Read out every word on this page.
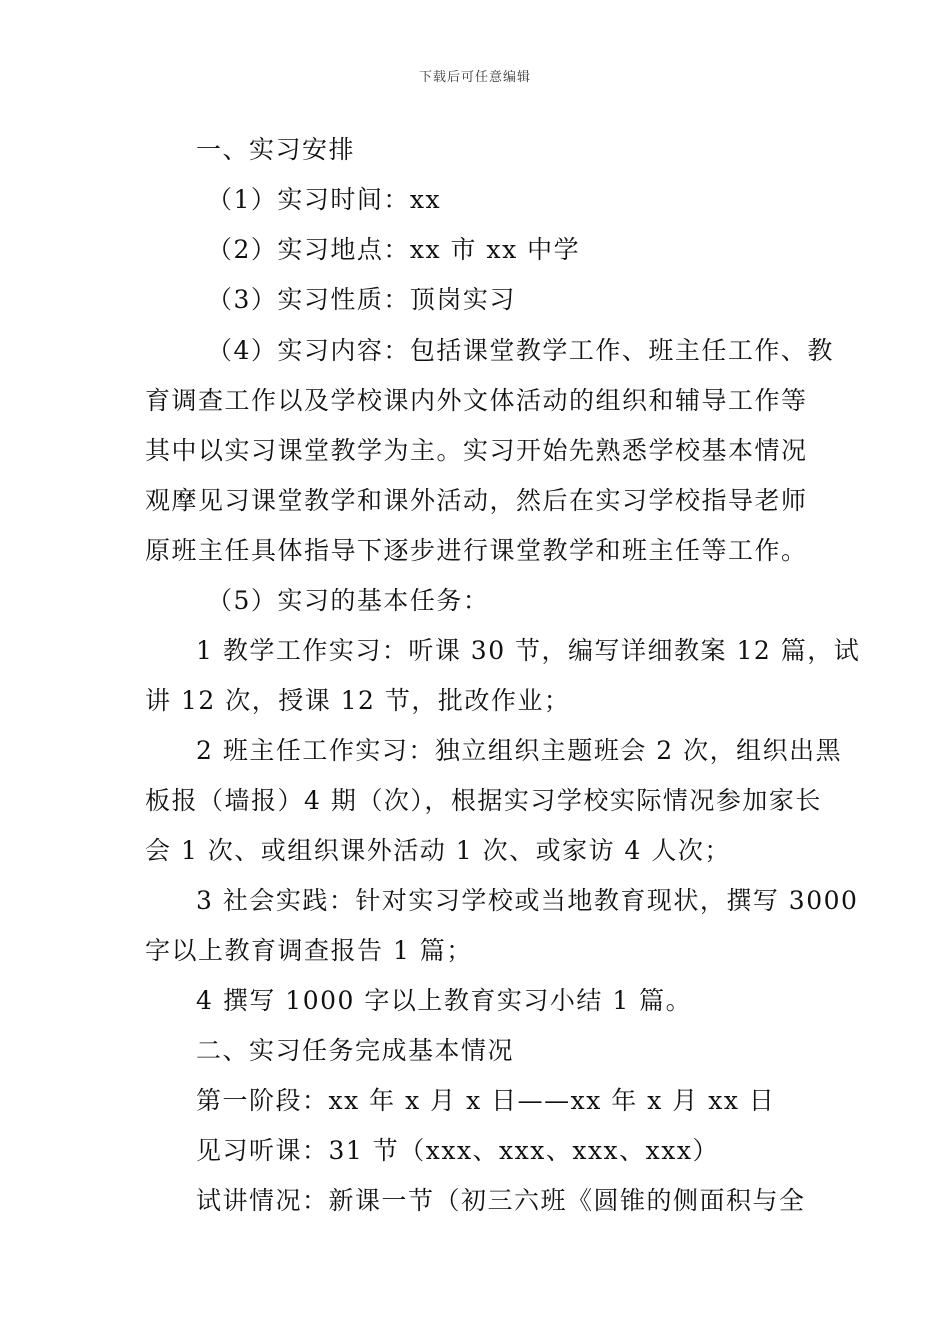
下载后可任意编辑
一、实习安排
（1）实习时间：xx
（2）实习地点：xx 市 xx 中学
（3）实习性质：顶岗实习
（4）实习内容：包括课堂教学工作、班主任工作、教
育调查工作以及学校课内外文体活动的组织和辅导工作等
其中以实习课堂教学为主。实习开始先熟悉学校基本情况
观摩见习课堂教学和课外活动，然后在实习学校指导老师
原班主任具体指导下逐步进行课堂教学和班主任等工作。
（5）实习的基本任务：
1 教学工作实习：听课 30 节，编写详细教案 12 篇，试
讲 12 次，授课 12 节，批改作业；
2 班主任工作实习：独立组织主题班会 2 次，组织出黑
板报（墙报）4 期（次），根据实习学校实际情况参加家长
会 1 次、或组织课外活动 1 次、或家访 4 人次；
3 社会实践：针对实习学校或当地教育现状，撰写 3000
字以上教育调查报告 1 篇；
4 撰写 1000 字以上教育实习小结 1 篇。
二、实习任务完成基本情况
第一阶段：xx 年 x 月 x 日——xx 年 x 月 xx 日
见习听课：31 节（xxx、xxx、xxx、xxx）
试讲情况：新课一节（初三六班《圆锥的侧面积与全
